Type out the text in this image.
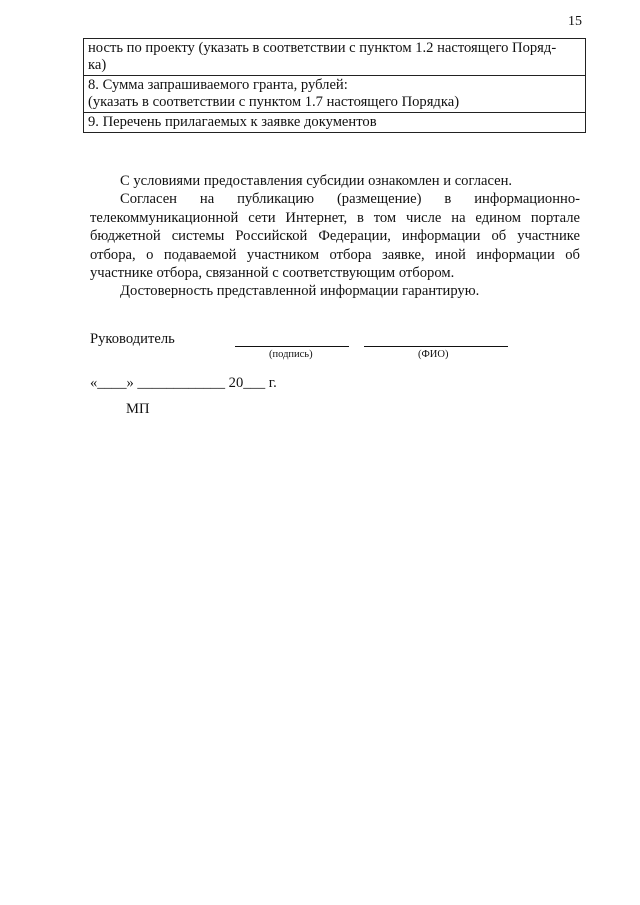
15
ность по проекту (указать в соответствии с пунктом 1.2 настоящего Поряд-
ка)

8. Сумма запрашиваемого гранта, рублей:
(указать в соответствии с пунктом 1.7 настоящего Порядка)

9. Перечень прилагаемых к заявке документов

С условиями предоставления субсидии ознакомлен и согласен.

Согласен на публикацию (размещение) в информационно-телекоммуникационной сети Интернет, в том числе на едином портале бюджетной системы Российской Федерации, информации об участнике отбора, о подаваемой участником отбора заявке, иной информации об участнике отбора, связанной с соответствующим отбором.

Достоверность представленной информации гарантирую.

Руководитель
(подпись)	(ФИО)
«____» ____________ 20___ г.
МП
